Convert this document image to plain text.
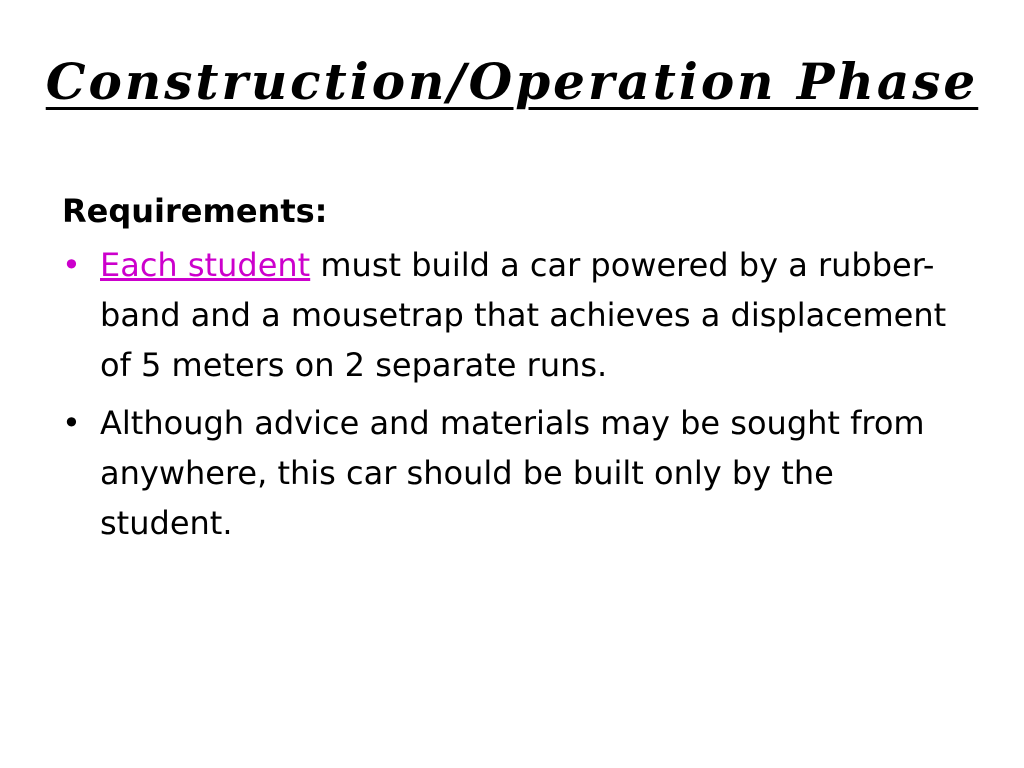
Construction/Operation Phase
Requirements:
• Each student must build a car powered by a rubber-band and a mousetrap that achieves a displacement of 5 meters on 2 separate runs.
• Although advice and materials may be sought from anywhere, this car should be built only by the student.
